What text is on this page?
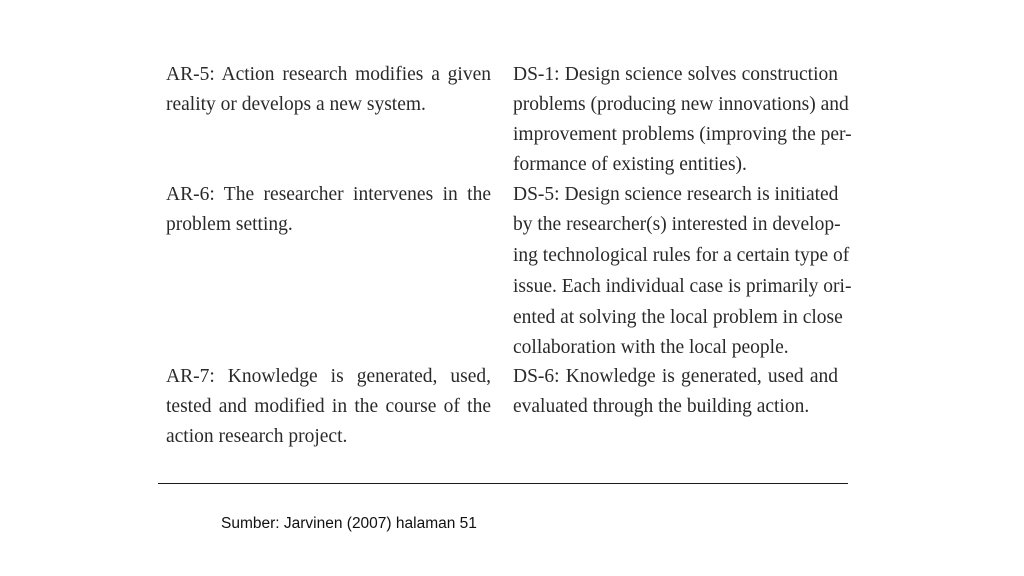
AR-5: Action research modifies a given
reality or develops a new system.
AR-6: The researcher intervenes in the
problem setting.
AR-7: Knowledge is generated, used,
tested and modified in the course of the
action research project.
DS-1: Design science solves construction
problems (producing new innovations) and
improvement problems (improving the per-
formance of existing entities).
DS-5: Design science research is initiated
by the researcher(s) interested in develop-
ing technological rules for a certain type of
issue. Each individual case is primarily ori-
ented at solving the local problem in close
collaboration with the local people.
DS-6: Knowledge is generated, used and
evaluated through the building action.
Sumber: Jarvinen (2007) halaman 51
